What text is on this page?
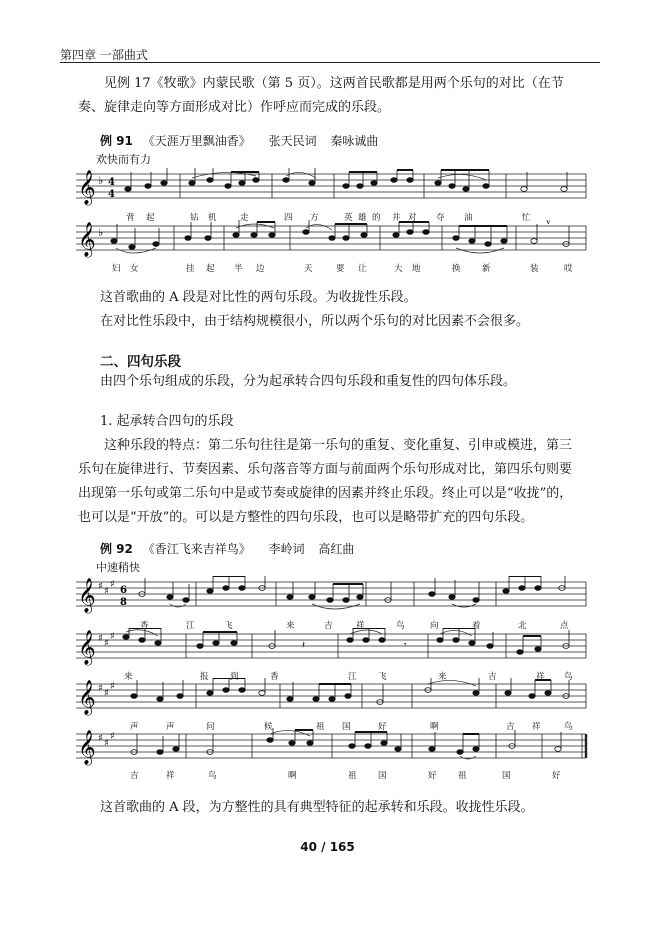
第四章 一部曲式
见例 17《牧歌》内蒙民歌（第 5 页）。这两首民歌都是用两个乐句的对比（在节奏、旋律走向等方面形成对比）作呼应而完成的乐段。
例 91 《天涯万里飘油香》 张天民词 秦咏诚曲
欢快而有力
𝄞 ♭ 4
4
背 起	钻 机	走	四 方	英 雄 的 井 对 夺 油	忙
𝄞 ♭
v
妇 女	挂 起 半 边	天	要 让	大 地	换	新	装	哎
这首歌曲的 A 段是对比性的两句乐段。为收拢性乐段。
在对比性乐段中，由于结构规模很小，所以两个乐句的对比因素不会很多。
二、四句乐段
由四个乐句组成的乐段，分为起承转合四句乐段和重复性的四句体乐段。
1. 起承转合四句的乐段
这种乐段的特点：第二乐句往往是第一乐句的重复、变化重复、引申或模进，第三乐句在旋律进行、节奏因素、乐句落音等方面与前面两个乐句形成对比，第四乐句则要出现第一乐句或第二乐句中是或节奏或旋律的因素并终止乐段。终止可以是“收拢”的，也可以是“开放”的。可以是方整性的四句乐段，也可以是略带扩充的四句乐段。
例 92 《香江飞来吉祥鸟》 李岭词 高红曲
中速稍快
𝄞 ♯ ♯
♯
6
8
香	江	飞	来	吉	祥	鸟	向	着	北	点
𝄞 ♯ ♯
♯
𝄽	𝄾
来	报	到	香	江	飞	来	吉	祥 鸟
𝄞 ♯ ♯
♯
声	声	问	候	祖 国	好	啊	吉 祥	鸟
𝄞 ♯ ♯
♯
吉	祥	鸟	啊	祖	国	好	祖	国	好
这首歌曲的 A 段，为方整性的具有典型特征的起承转和乐段。收拢性乐段。
40 / 165
